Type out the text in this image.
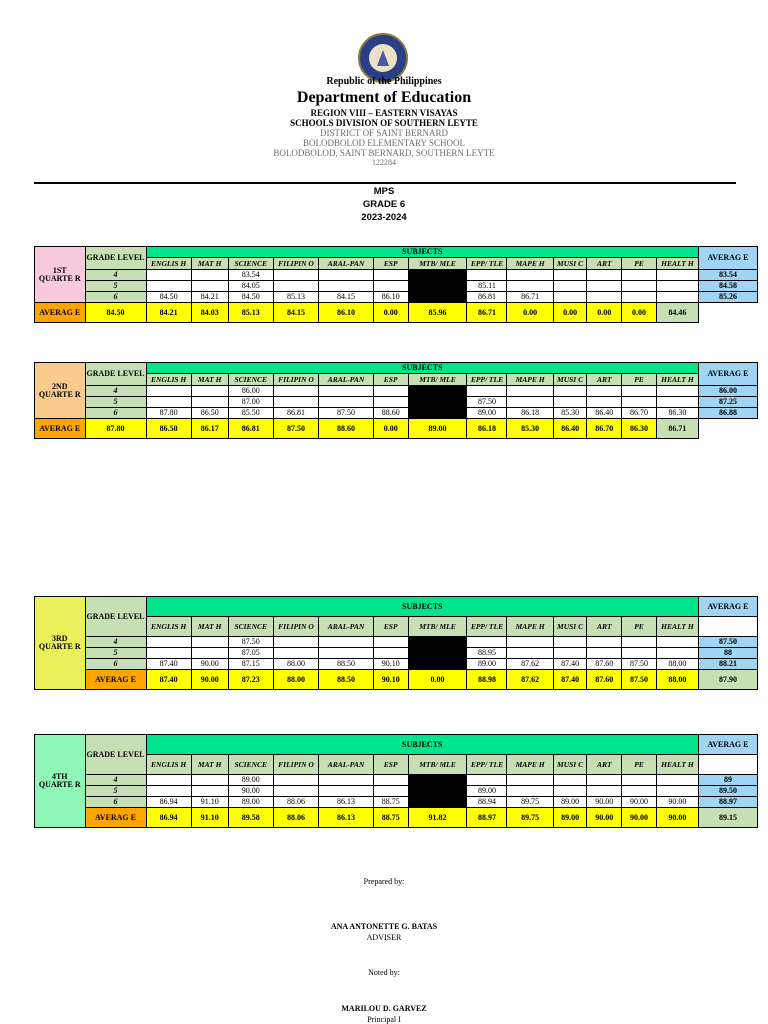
Republic of the Philippines
Department of Education
REGION VIII – EASTERN VISAYAS
SCHOOLS DIVISION OF SOUTHERN LEYTE
DISTRICT OF SAINT BERNARD
BOLODBOLOD ELEMENTARY SCHOOL
BOLODBOLOD, SAINT BERNARD, SOUTHERN LEYTE
122284
MPS
GRADE 6
2023-2024
1ST QUARTE R	GRADE LEVEL	SUBJECTS													AVERAG E
		ENGLIS H	MAT H	SCIENCE	FILIPIN O	ARAL-PAN	ESP	MTB/ MLE	EPP/ TLE	MAPE H	MUSI C	ART	PE	HEALT H	
	4			83.54											83.54
	5			84.05					85.11						84.58
	6	84.50	84.21	84.50	85.13	84.15	86.10		86.81	86.71					85.26
AVERAG E	84.50	84.21	84.03	85.13	84.15	86.10	0.00	85.96	86.71	0.00	0.00	0.00	0.00	84.46	
2ND QUARTE R	GRADE LEVEL	SUBJECTS													AVERAG E
		ENGLIS H	MAT H	SCIENCE	FILIPIN O	ARAL-PAN	ESP	MTB/ MLE	EPP/ TLE	MAPE H	MUSI C	ART	PE	HEALT H	
	4			86.00											86.00
	5			87.00					87.50						87.25
	6	87.80	86.50	85.50	86.81	87.50	88.60		89.00	86.18	85.30	86.40	86.70	86.30	86.88
AVERAG E	87.80	86.50	86.17	86.81	87.50	88.60	0.00	89.00	86.18	85.30	86.40	86.70	86.30	86.71	
3RD QUARTE R	GRADE LEVEL	SUBJECTS													AVERAG E
		ENGLIS H	MAT H	SCIENCE	FILIPIN O	ARAL-PAN	ESP	MTB/ MLE	EPP/ TLE	MAPE H	MUSI C	ART	PE	HEALT H	
	4			87.50											87.50
	5			87.05					88.95						88
	6	87.40	90.00	87.15	88.00	88.50	90.10		89.00	87.62	87.40	87.60	87.50	88.00	88.21
	AVERAG E	87.40	90.00	87.23	88.00	88.50	90.10	0.00	88.98	87.62	87.40	87.60	87.50	88.00	87.90
4TH QUARTE R	GRADE LEVEL	SUBJECTS													AVERAG E
		ENGLIS H	MAT H	SCIENCE	FILIPIN O	ARAL-PAN	ESP	MTB/ MLE	EPP/ TLE	MAPE H	MUSI C	ART	PE	HEALT H	
	4			89.00											89
	5			90.00					89.00						89.50
	6	86.94	91.10	89.00	88.06	86.13	88.75		88.94	89.75	89.00	90.00	90.00	90.00	88.97
	AVERAG E	86.94	91.10	89.58	88.06	86.13	88.75	91.82	88.97	89.75	89.00	90.00	90.00	90.00	89.15
Prepared by:
ANA ANTONETTE G. BATAS
ADVISER
Noted by:
MARILOU D. GARVEZ
Principal I
